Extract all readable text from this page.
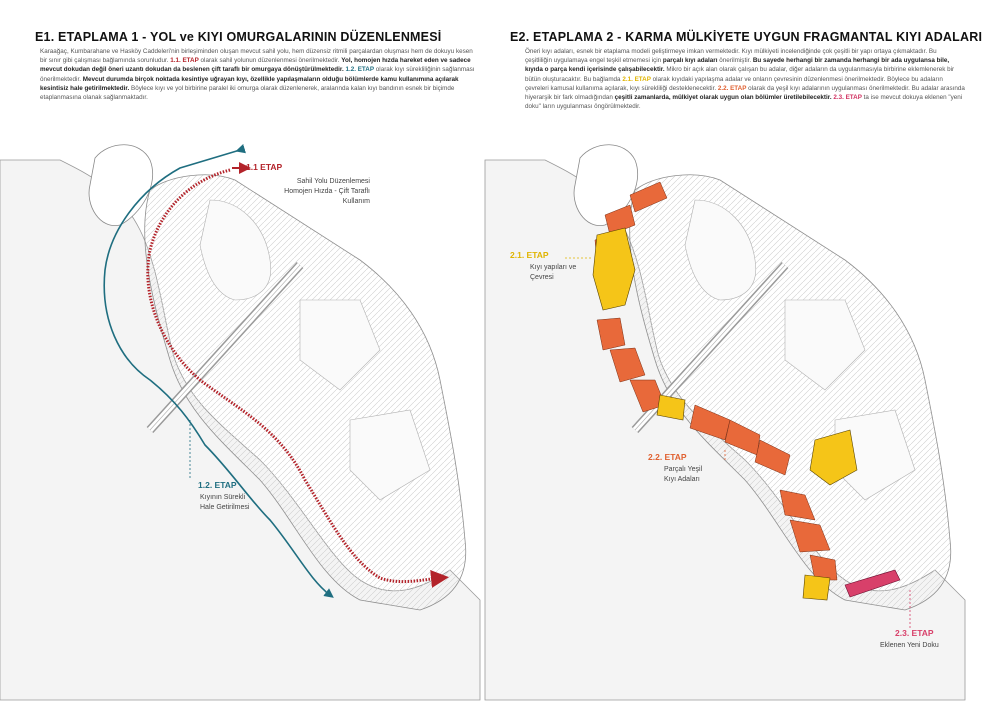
E1. ETAPLAMA 1 - YOL ve KIYI OMURGALARININ DÜZENLENMESİ	E2. ETAPLAMA 2 - KARMA MÜLKİYETE UYGUN FRAGMANTAL KIYI ADALARI
Karaağaç, Kumbarahane ve Hasköy Caddeleri'nin birleşiminden oluşan mevcut sahil yolu, hem düzensiz ritmili parçalardan oluşması hem de dokuyu kesen bir sınır gibi çalışması bağlamında sorunludur. 1.1. ETAP olarak sahil yolunun düzenlenmesi önerilmektedir. Yol, homojen hızda hareket eden ve sadece mevcut dokudan değil öneri uzantı dokudan da beslenen çift taraflı bir omurgaya dönüştürülmektedir. 1.2. ETAP olarak kıyı sürekliliğinin sağlanması önerilmektedir. Mevcut durumda birçok noktada kesintiye uğrayan kıyı, özellikle yapılaşmaların olduğu bölümlerde kamu kullanımına açılarak kesintisiz hale getirilmektedir. Böylece kıyı ve yol birbirine paralel iki omurga olarak düzenlenerek, aralarında kalan kıyı bandının esnek bir biçimde etaplanmasına olanak sağlanmaktadır.
Öneri kıyı adaları, esnek bir etaplama modeli geliştirmeye imkan vermektedir. Kıyı mülkiyeti incelendiğinde çok çeşitli bir yapı ortaya çıkmaktadır. Bu çeşitliliğin uygulamaya engel teşkil etmemesi için parçalı kıyı adaları önerilmiştir. Bu sayede herhangi bir zamanda herhangi bir ada uygulansa bile, kıyıda o parça kendi içerisinde çalışabilecektir. Mikro bir açık alan olarak çalışan bu adalar, diğer adaların da uygulanmasıyla birbirine eklemlenerek bir bütün oluşturacaktır. Bu bağlamda 2.1. ETAP olarak kıyıdaki yapılaşma adalar ve onların çevresinin düzenlenmesi önerilmektedir. Böylece bu adaların çevreleri kamusal kullanıma açılarak, kıyı sürekliliği desteklenecektir. 2.2. ETAP olarak da yeşil kıyı adalarının uygulanması önerilmektedir. Bu adalar arasında hiyerarşik bir fark olmadığından çeşitli zamanlarda, mülkiyet olarak uygun olan bölümler üretilebilecektir. 2.3. ETAP ta ise mevcut dokuya eklenen "yeni doku" ların uygulanması öngörülmektedir.
1.1 ETAP
Sahil Yolu Düzenlemesi
Homojen Hızda - Çift Taraflı
Kullanım
1.2. ETAP
Kıyının Sürekli
Hale Getirilmesi
2.1. ETAP
Kıyı yapıları ve
Çevresi
2.2. ETAP
Parçalı Yeşil
Kıyı Adaları
2.3. ETAP
Eklenen Yeni Doku
